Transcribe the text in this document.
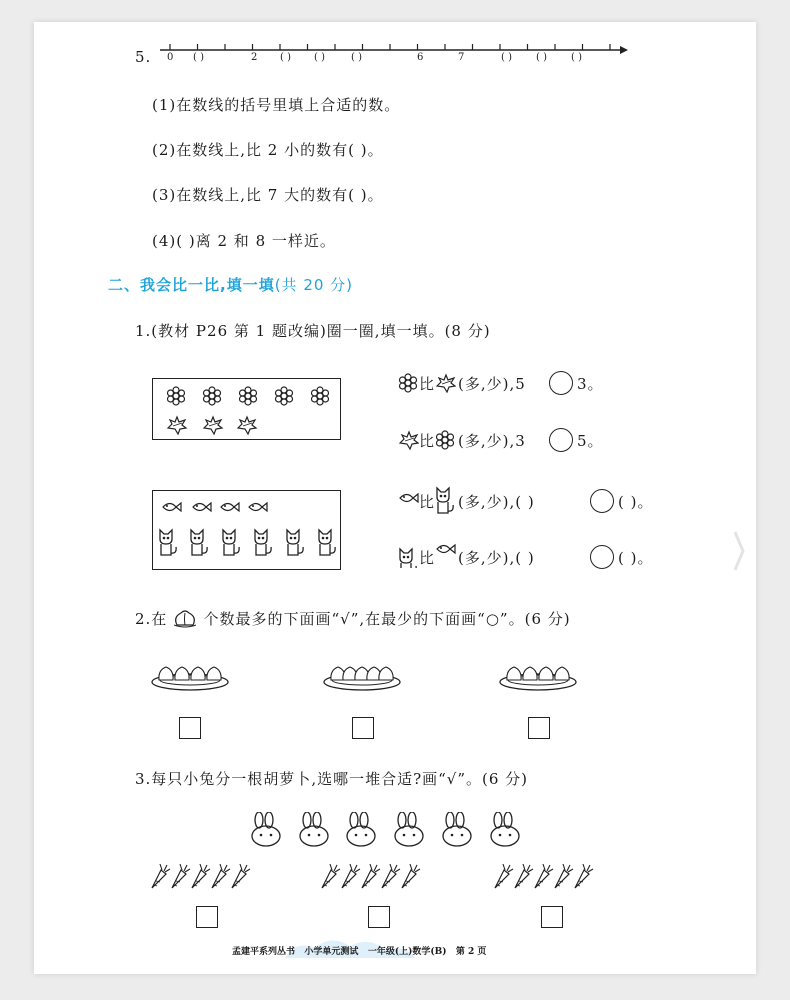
5. 0 ( )	2 ( ) ( )	( )	6	7	( ) ( ) ( )
(1)在数线的括号里填上合适的数。
(2)在数线上,比 2 小的数有( )。
(3)在数线上,比 7 大的数有( )。
(4)( )离 2 和 8 一样近。
二、我会比一比,填一填(共 20 分)
1.(教材 P26 第 1 题改编)圈一圈,填一填。(8 分)
比 (多,少),5	3。
比 (多,少),3	5。
比 (多,少),( )	( )。
比 (多,少),( )	( )。
2.在 个数最多的下面画“√”,在最少的下面画“○”。(6 分)
3.每只小兔分一根胡萝卜,选哪一堆合适?画“√”。(6 分)
孟建平系列丛书 小学单元测试 一年级(上)数学(B) 第 2 页
